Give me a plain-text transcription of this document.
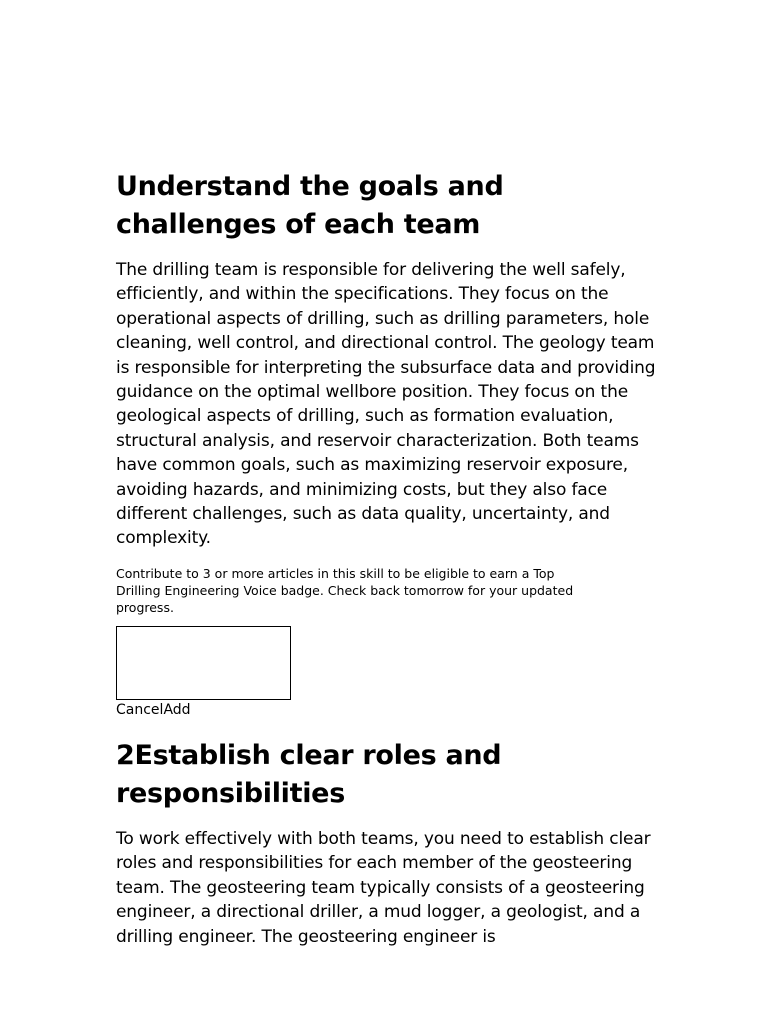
Understand the goals and challenges of each team

The drilling team is responsible for delivering the well safely, efficiently, and within the specifications. They focus on the operational aspects of drilling, such as drilling parameters, hole cleaning, well control, and directional control. The geology team is responsible for interpreting the subsurface data and providing guidance on the optimal wellbore position. They focus on the geological aspects of drilling, such as formation evaluation, structural analysis, and reservoir characterization. Both teams have common goals, such as maximizing reservoir exposure, avoiding hazards, and minimizing costs, but they also face different challenges, such as data quality, uncertainty, and complexity.

Contribute to 3 or more articles in this skill to be eligible to earn a Top Drilling Engineering Voice badge. Check back tomorrow for your updated progress.

Cancel Add
2Establish clear roles and responsibilities

To work effectively with both teams, you need to establish clear roles and responsibilities for each member of the geosteering team. The geosteering team typically consists of a geosteering engineer, a directional driller, a mud logger, a geologist, and a drilling engineer. The geosteering engineer is
